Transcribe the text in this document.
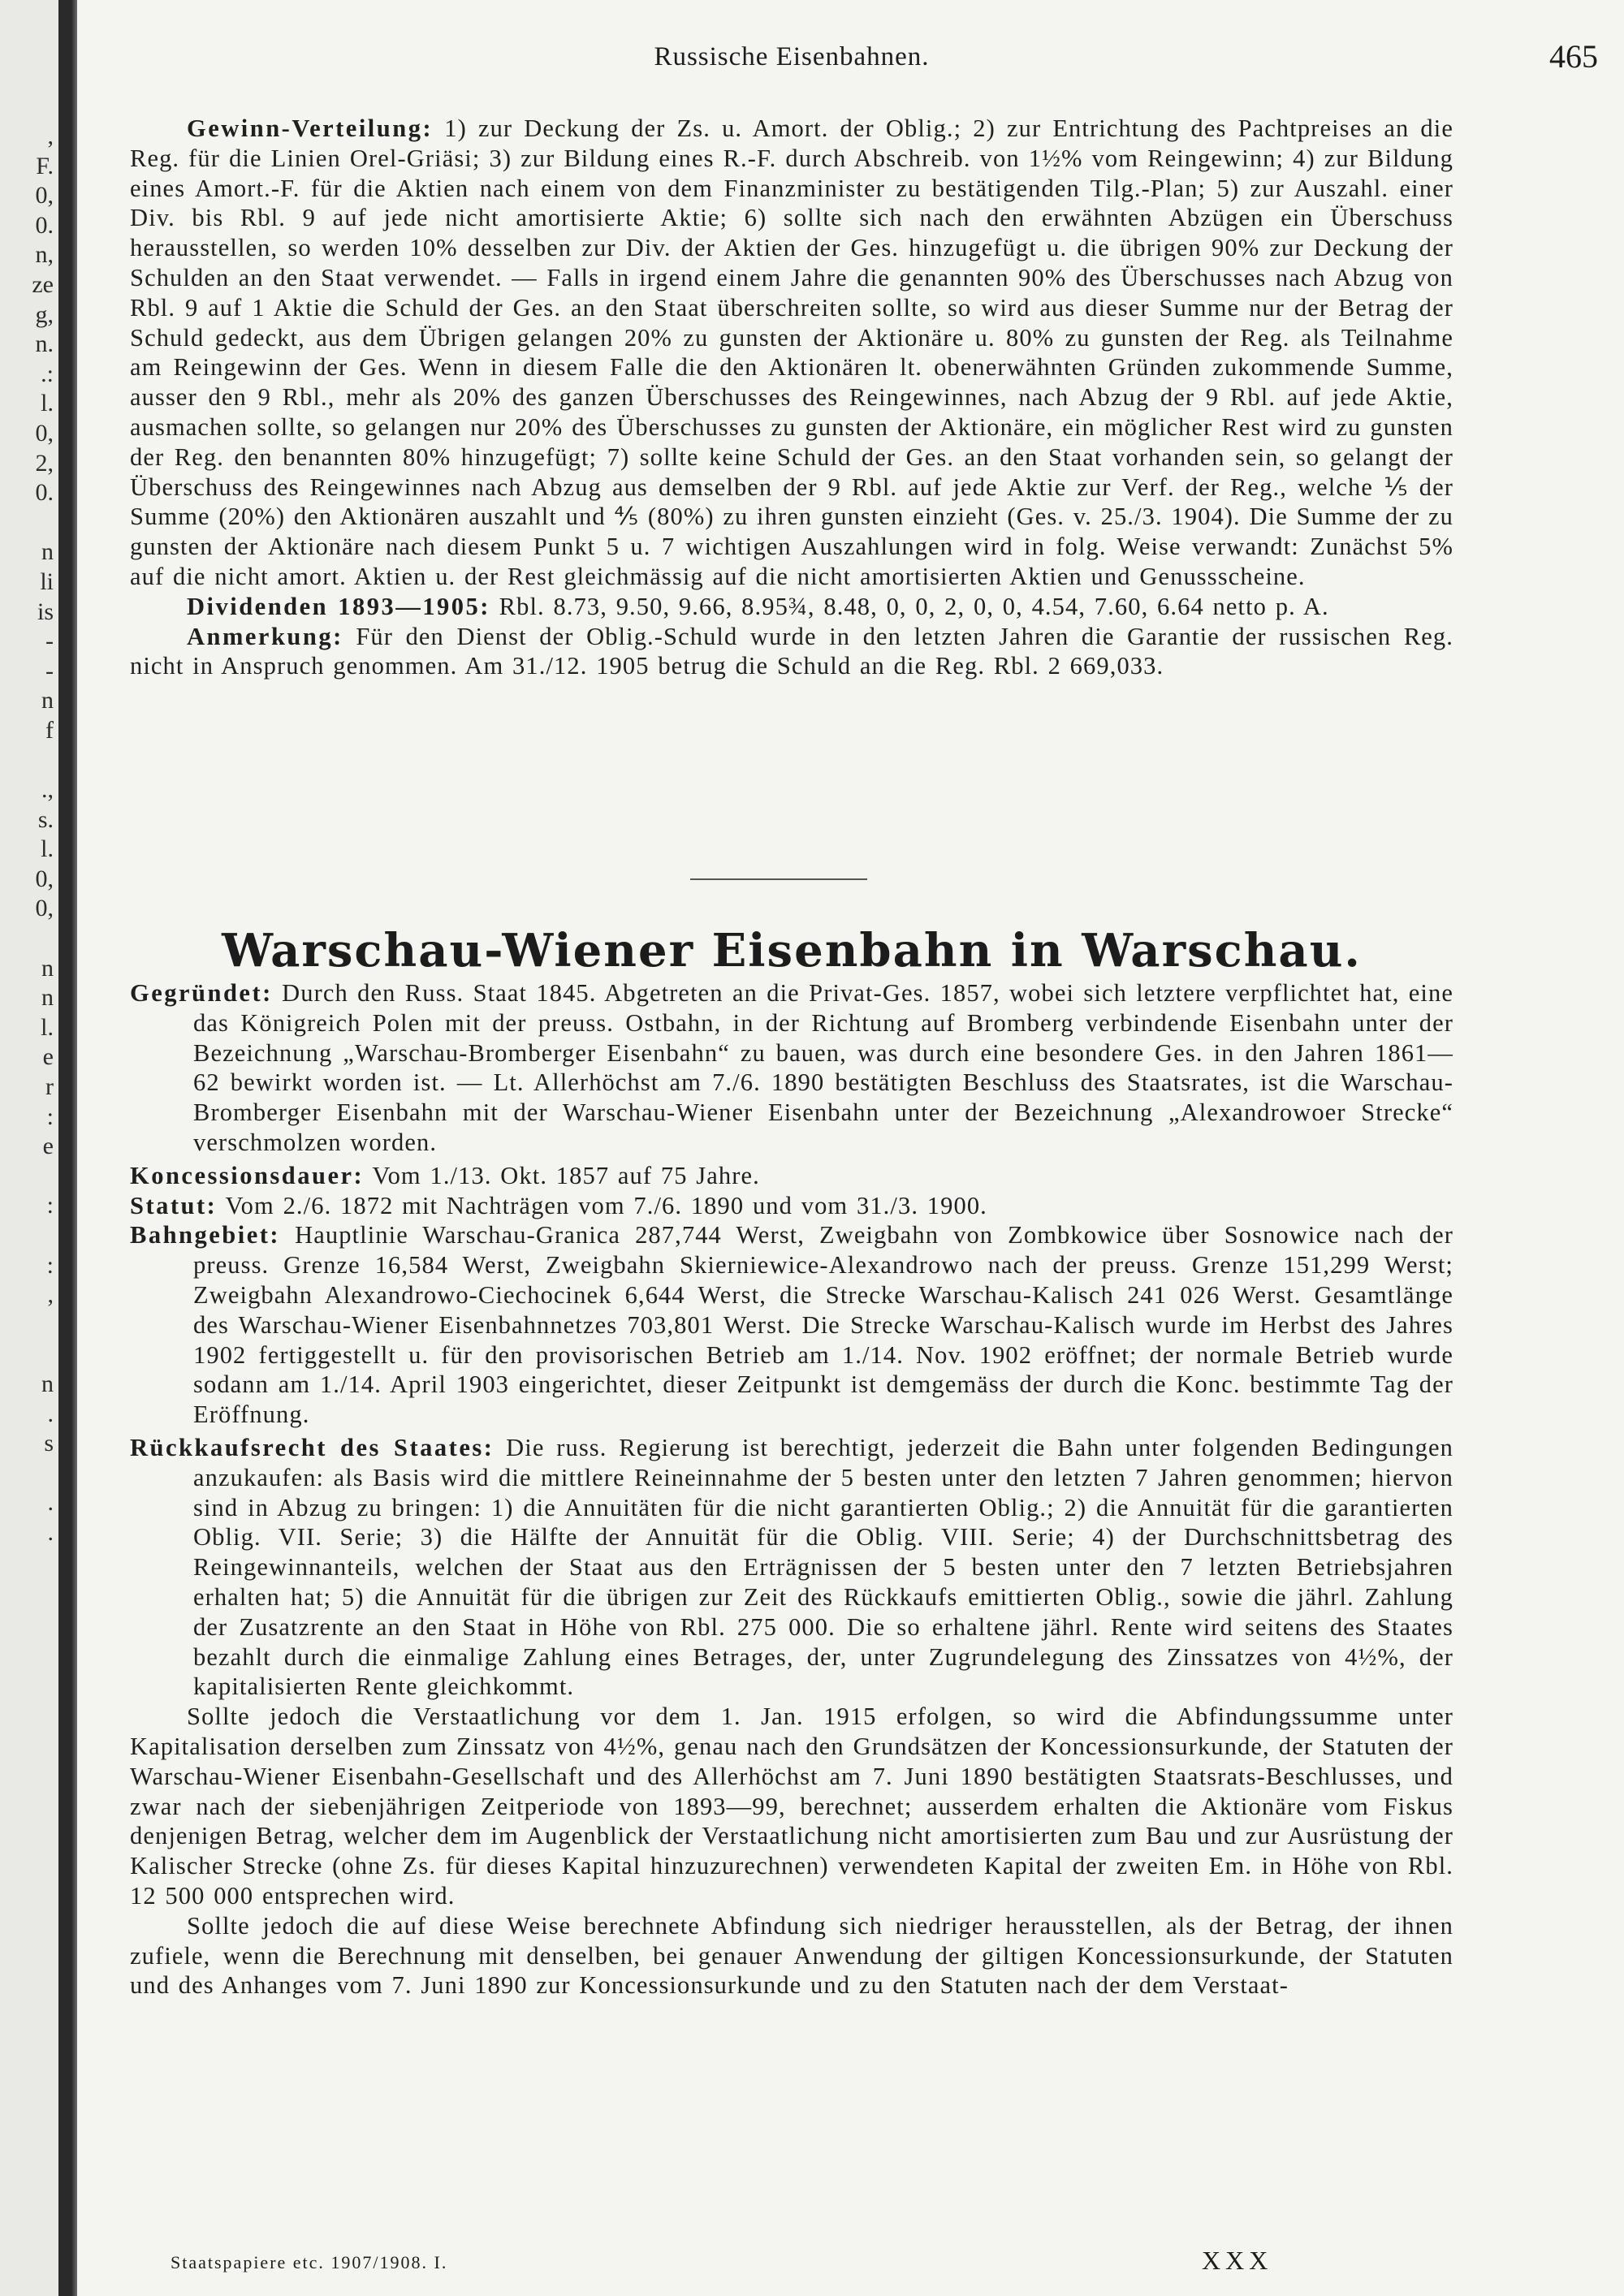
,
F.
0,
0.
n,
ze
g,
n.
.:
l.
0,
2,
0.
n
li
is
-
-
n
f
.,
s.
l.
0,
0,
n
n
l.
e
r
:
e
:
:
,
n
.
s
.
.
Russische Eisenbahnen.	465

Gewinn-Verteilung: 1) zur Deckung der Zs. u. Amort. der Oblig.; 2) zur Entrichtung des Pachtpreises an die Reg. für die Linien Orel-Griäsi; 3) zur Bildung eines R.-F. durch Abschreib. von 1½% vom Reingewinn; 4) zur Bildung eines Amort.-F. für die Aktien nach einem von dem Finanzminister zu bestätigenden Tilg.-Plan; 5) zur Auszahl. einer Div. bis Rbl. 9 auf jede nicht amortisierte Aktie; 6) sollte sich nach den erwähnten Abzügen ein Überschuss herausstellen, so werden 10% desselben zur Div. der Aktien der Ges. hinzugefügt u. die übrigen 90% zur Deckung der Schulden an den Staat verwendet. — Falls in irgend einem Jahre die genannten 90% des Überschusses nach Abzug von Rbl. 9 auf 1 Aktie die Schuld der Ges. an den Staat überschreiten sollte, so wird aus dieser Summe nur der Betrag der Schuld gedeckt, aus dem Übrigen gelangen 20% zu gunsten der Aktionäre u. 80% zu gunsten der Reg. als Teilnahme am Reingewinn der Ges. Wenn in diesem Falle die den Aktionären lt. obenerwähnten Gründen zukommende Summe, ausser den 9 Rbl., mehr als 20% des ganzen Überschusses des Reingewinnes, nach Abzug der 9 Rbl. auf jede Aktie, ausmachen sollte, so gelangen nur 20% des Überschusses zu gunsten der Aktionäre, ein möglicher Rest wird zu gunsten der Reg. den benannten 80% hinzugefügt; 7) sollte keine Schuld der Ges. an den Staat vorhanden sein, so gelangt der Überschuss des Reingewinnes nach Abzug aus demselben der 9 Rbl. auf jede Aktie zur Verf. der Reg., welche ⅕ der Summe (20%) den Aktionären auszahlt und ⅘ (80%) zu ihren gunsten einzieht (Ges. v. 25./3. 1904). Die Summe der zu gunsten der Aktionäre nach diesem Punkt 5 u. 7 wichtigen Auszahlungen wird in folg. Weise verwandt: Zunächst 5% auf die nicht amort. Aktien u. der Rest gleichmässig auf die nicht amortisierten Aktien und Genussscheine.

Dividenden 1893—1905: Rbl. 8.73, 9.50, 9.66, 8.95¾, 8.48, 0, 0, 2, 0, 0, 4.54, 7.60, 6.64 netto p. A.

Anmerkung: Für den Dienst der Oblig.-Schuld wurde in den letzten Jahren die Garantie der russischen Reg. nicht in Anspruch genommen. Am 31./12. 1905 betrug die Schuld an die Reg. Rbl. 2 669,033.

Warschau-Wiener Eisenbahn in Warschau.

Gegründet: Durch den Russ. Staat 1845. Abgetreten an die Privat-Ges. 1857, wobei sich letztere verpflichtet hat, eine das Königreich Polen mit der preuss. Ostbahn, in der Richtung auf Bromberg verbindende Eisenbahn unter der Bezeichnung „Warschau-Bromberger Eisenbahn“ zu bauen, was durch eine besondere Ges. in den Jahren 1861—62 bewirkt worden ist. — Lt. Allerhöchst am 7./6. 1890 bestätigten Beschluss des Staatsrates, ist die Warschau-Bromberger Eisenbahn mit der Warschau-Wiener Eisenbahn unter der Bezeichnung „Alexandrowoer Strecke“ verschmolzen worden.

Koncessionsdauer: Vom 1./13. Okt. 1857 auf 75 Jahre.

Statut: Vom 2./6. 1872 mit Nachträgen vom 7./6. 1890 und vom 31./3. 1900.

Bahngebiet: Hauptlinie Warschau-Granica 287,744 Werst, Zweigbahn von Zombkowice über Sosnowice nach der preuss. Grenze 16,584 Werst, Zweigbahn Skierniewice-Alexandrowo nach der preuss. Grenze 151,299 Werst; Zweigbahn Alexandrowo-Ciechocinek 6,644 Werst, die Strecke Warschau-Kalisch 241 026 Werst. Gesamtlänge des Warschau-Wiener Eisenbahnnetzes 703,801 Werst. Die Strecke Warschau-Kalisch wurde im Herbst des Jahres 1902 fertiggestellt u. für den provisorischen Betrieb am 1./14. Nov. 1902 eröffnet; der normale Betrieb wurde sodann am 1./14. April 1903 eingerichtet, dieser Zeitpunkt ist demgemäss der durch die Konc. bestimmte Tag der Eröffnung.

Rückkaufsrecht des Staates: Die russ. Regierung ist berechtigt, jederzeit die Bahn unter folgenden Bedingungen anzukaufen: als Basis wird die mittlere Reineinnahme der 5 besten unter den letzten 7 Jahren genommen; hiervon sind in Abzug zu bringen: 1) die Annuitäten für die nicht garantierten Oblig.; 2) die Annuität für die garantierten Oblig. VII. Serie; 3) die Hälfte der Annuität für die Oblig. VIII. Serie; 4) der Durchschnittsbetrag des Reingewinnanteils, welchen der Staat aus den Erträgnissen der 5 besten unter den 7 letzten Betriebsjahren erhalten hat; 5) die Annuität für die übrigen zur Zeit des Rückkaufs emittierten Oblig., sowie die jährl. Zahlung der Zusatzrente an den Staat in Höhe von Rbl. 275 000. Die so erhaltene jährl. Rente wird seitens des Staates bezahlt durch die einmalige Zahlung eines Betrages, der, unter Zugrundelegung des Zinssatzes von 4½%, der kapitalisierten Rente gleichkommt.

Sollte jedoch die Verstaatlichung vor dem 1. Jan. 1915 erfolgen, so wird die Abfindungssumme unter Kapitalisation derselben zum Zinssatz von 4½%, genau nach den Grundsätzen der Koncessionsurkunde, der Statuten der Warschau-Wiener Eisenbahn-Gesellschaft und des Allerhöchst am 7. Juni 1890 bestätigten Staatsrats-Beschlusses, und zwar nach der siebenjährigen Zeitperiode von 1893—99, berechnet; ausserdem erhalten die Aktionäre vom Fiskus denjenigen Betrag, welcher dem im Augenblick der Verstaatlichung nicht amortisierten zum Bau und zur Ausrüstung der Kalischer Strecke (ohne Zs. für dieses Kapital hinzuzurechnen) verwendeten Kapital der zweiten Em. in Höhe von Rbl. 12 500 000 entsprechen wird.

Sollte jedoch die auf diese Weise berechnete Abfindung sich niedriger herausstellen, als der Betrag, der ihnen zufiele, wenn die Berechnung mit denselben, bei genauer Anwendung der giltigen Koncessionsurkunde, der Statuten und des Anhanges vom 7. Juni 1890 zur Koncessionsurkunde und zu den Statuten nach der dem Verstaat-

Staatspapiere etc. 1907/1908. I.	XXX
